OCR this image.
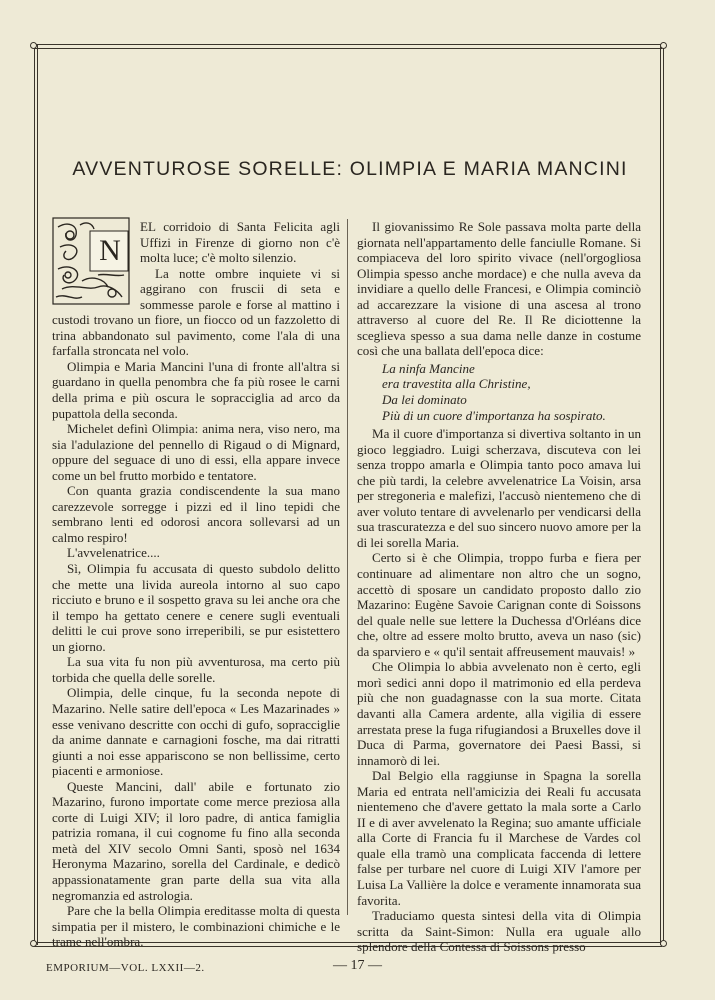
AVVENTUROSE SORELLE: OLIMPIA E MARIA MANCINI
N

EL corridoio di Santa Felicita agli Uffizi in Firenze di giorno non c'è molta luce; c'è molto silenzio.

La notte ombre inquiete vi si aggirano con fruscii di seta e sommesse parole e forse al mattino i custodi trovano un fiore, un fiocco od un fazzoletto di trina abbandonato sul pavimento, come l'ala di una farfalla stroncata nel volo.

Olimpia e Maria Mancini l'una di fronte all'altra si guardano in quella penombra che fa più rosee le carni della prima e più oscura le sopracciglia ad arco da pupattola della seconda.

Michelet definì Olimpia: anima nera, viso nero, ma sia l'adulazione del pennello di Rigaud o di Mignard, oppure del seguace di uno di essi, ella appare invece come un bel frutto morbido e tentatore.

Con quanta grazia condiscendente la sua mano carezzevole sorregge i pizzi ed il lino tepidi che sembrano lenti ed odorosi ancora sollevarsi ad un calmo respiro!

L'avvelenatrice....

Sì, Olimpia fu accusata di questo subdolo delitto che mette una livida aureola intorno al suo capo ricciuto e bruno e il sospetto grava su lei anche ora che il tempo ha gettato cenere e cenere sugli eventuali delitti le cui prove sono irreperibili, se pur esistettero un giorno.

La sua vita fu non più avventurosa, ma certo più torbida che quella delle sorelle.

Olimpia, delle cinque, fu la seconda nepote di Mazarino. Nelle satire dell'epoca « Les Mazarinades » esse venivano descritte con occhi di gufo, sopracciglie da anime dannate e carnagioni fosche, ma dai ritratti giunti a noi esse appariscono se non bellissime, certo piacenti e armoniose.

Queste Mancini, dall' abile e fortunato zio Mazarino, furono importate come merce preziosa alla corte di Luigi XIV; il loro padre, di antica famiglia patrizia romana, il cui cognome fu fino alla seconda metà del XIV secolo Omni Santi, sposò nel 1634 Heronyma Mazarino, sorella del Cardinale, e dedicò appassionatamente gran parte della sua vita alla negromanzia ed astrologia.

Pare che la bella Olimpia ereditasse molta di questa simpatia per il mistero, le combinazioni chimiche e le trame nell'ombra.

Il giovanissimo Re Sole passava molta parte della giornata nell'appartamento delle fanciulle Romane. Si compiaceva del loro spirito vivace (nell'orgogliosa Olimpia spesso anche mordace) e che nulla aveva da invidiare a quello delle Francesi, e Olimpia cominciò ad accarezzare la visione di una ascesa al trono attraverso al cuore del Re. Il Re diciottenne la sceglieva spesso a sua dama nelle danze in costume così che una ballata dell'epoca dice:

La ninfa Mancine
era travestita alla Christine,
Da lei dominato
Più di un cuore d'importanza ha sospirato.

Ma il cuore d'importanza si divertiva soltanto in un gioco leggiadro. Luigi scherzava, discuteva con lei senza troppo amarla e Olimpia tanto poco amava lui che più tardi, la celebre avvelenatrice La Voisin, arsa per stregoneria e malefizi, l'accusò nientemeno che di aver voluto tentare di avvelenarlo per vendicarsi della sua trascuratezza e del suo sincero nuovo amore per la di lei sorella Maria.

Certo si è che Olimpia, troppo furba e fiera per continuare ad alimentare non altro che un sogno, accettò di sposare un candidato proposto dallo zio Mazarino: Eugène Savoie Carignan conte di Soissons del quale nelle sue lettere la Duchessa d'Orléans dice che, oltre ad essere molto brutto, aveva un naso (sic) da sparviero e « qu'il sentait affreusement mauvais! »

Che Olimpia lo abbia avvelenato non è certo, egli morì sedici anni dopo il matrimonio ed ella perdeva più che non guadagnasse con la sua morte. Citata davanti alla Camera ardente, alla vigilia di essere arrestata prese la fuga rifugiandosi a Bruxelles dove il Duca di Parma, governatore dei Paesi Bassi, si innamorò di lei.

Dal Belgio ella raggiunse in Spagna la sorella Maria ed entrata nell'amicizia dei Reali fu accusata nientemeno che d'avere gettato la mala sorte a Carlo II e di aver avvelenato la Regina; suo amante ufficiale alla Corte di Francia fu il Marchese de Vardes col quale ella tramò una complicata faccenda di lettere false per turbare nel cuore di Luigi XIV l'amore per Luisa La Vallière la dolce e veramente innamorata sua favorita.

Traduciamo questa sintesi della vita di Olimpia scritta da Saint-Simon: Nulla era uguale allo splendore della Contessa di Soissons presso

EMPORIUM—VOL. LXXII—2.	— 17 —
